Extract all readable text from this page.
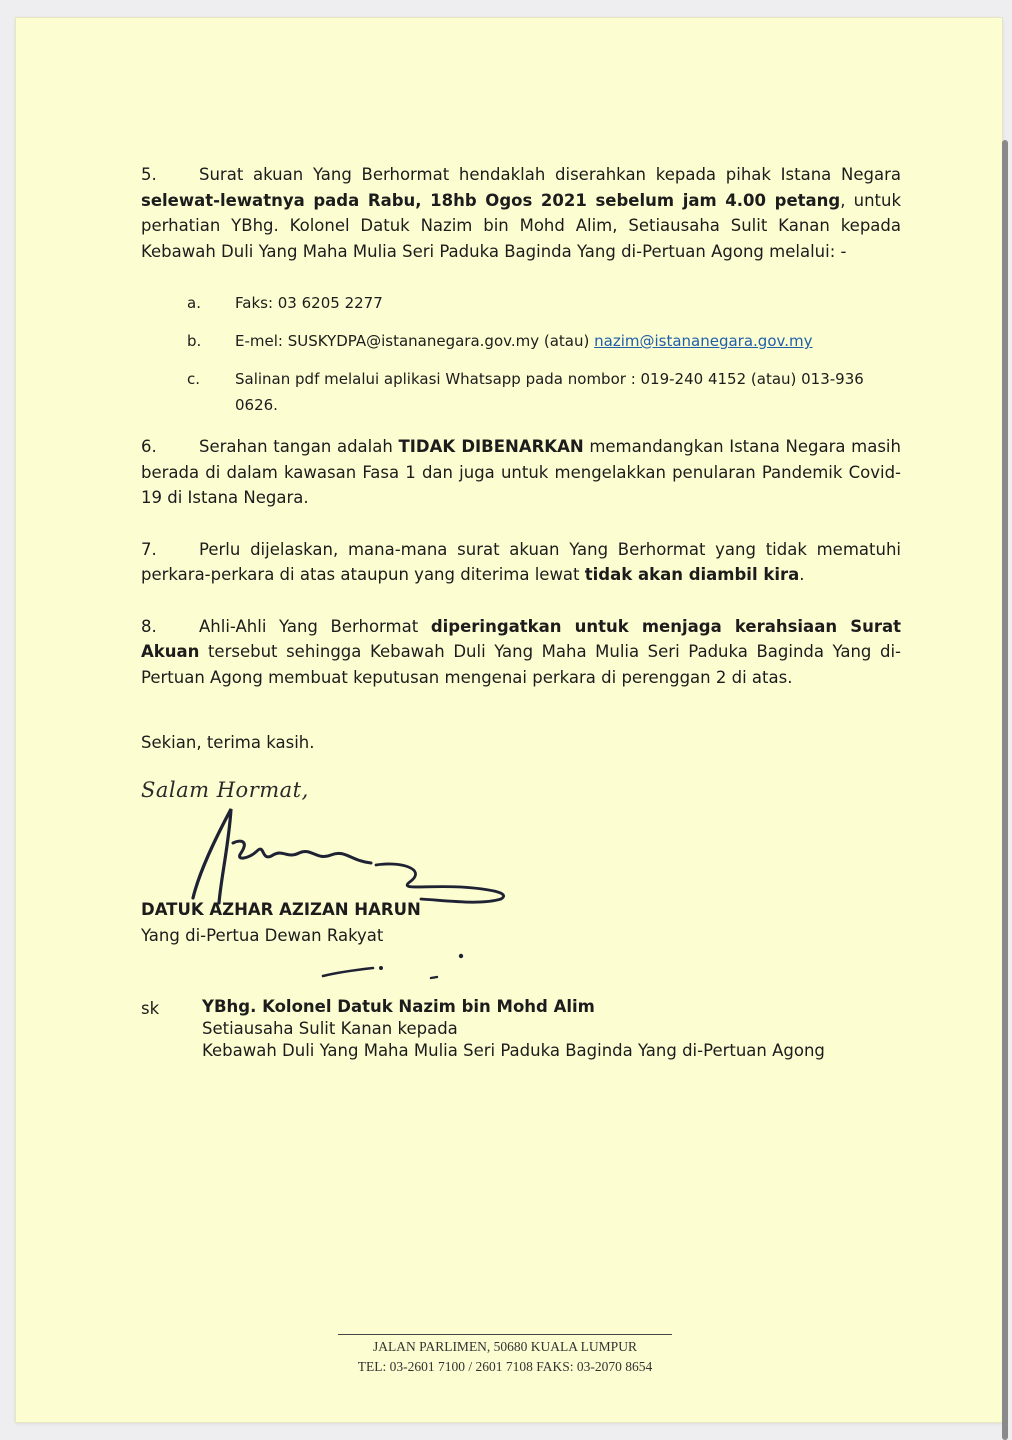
5.	Surat akuan Yang Berhormat hendaklah diserahkan kepada pihak Istana Negara selewat-lewatnya pada Rabu, 18hb Ogos 2021 sebelum jam 4.00 petang, untuk perhatian YBhg. Kolonel Datuk Nazim bin Mohd Alim, Setiausaha Sulit Kanan kepada Kebawah Duli Yang Maha Mulia Seri Paduka Baginda Yang di-Pertuan Agong melalui: -

a. Faks: 03 6205 2277
b. E-mel: SUSKYDPA@istananegara.gov.my (atau) nazim@istananegara.gov.my
c. Salinan pdf melalui aplikasi Whatsapp pada nombor : 019-240 4152 (atau) 013-936 0626.

6.	Serahan tangan adalah TIDAK DIBENARKAN memandangkan Istana Negara masih berada di dalam kawasan Fasa 1 dan juga untuk mengelakkan penularan Pandemik Covid-19 di Istana Negara.

7.	Perlu dijelaskan, mana-mana surat akuan Yang Berhormat yang tidak mematuhi perkara-perkara di atas ataupun yang diterima lewat tidak akan diambil kira.

8.	Ahli-Ahli Yang Berhormat diperingatkan untuk menjaga kerahsiaan Surat Akuan tersebut sehingga Kebawah Duli Yang Maha Mulia Seri Paduka Baginda Yang di-Pertuan Agong membuat keputusan mengenai perkara di perenggan 2 di atas.

Sekian, terima kasih.

Salam Hormat,

DATUK AZHAR AZIZAN HARUN

Yang di-Pertua Dewan Rakyat

sk	YBhg. Kolonel Datuk Nazim bin Mohd Alim
Setiausaha Sulit Kanan kepada
Kebawah Duli Yang Maha Mulia Seri Paduka Baginda Yang di-Pertuan Agong
JALAN PARLIMEN, 50680 KUALA LUMPUR
TEL: 03-2601 7100 / 2601 7108 FAKS: 03-2070 8654
